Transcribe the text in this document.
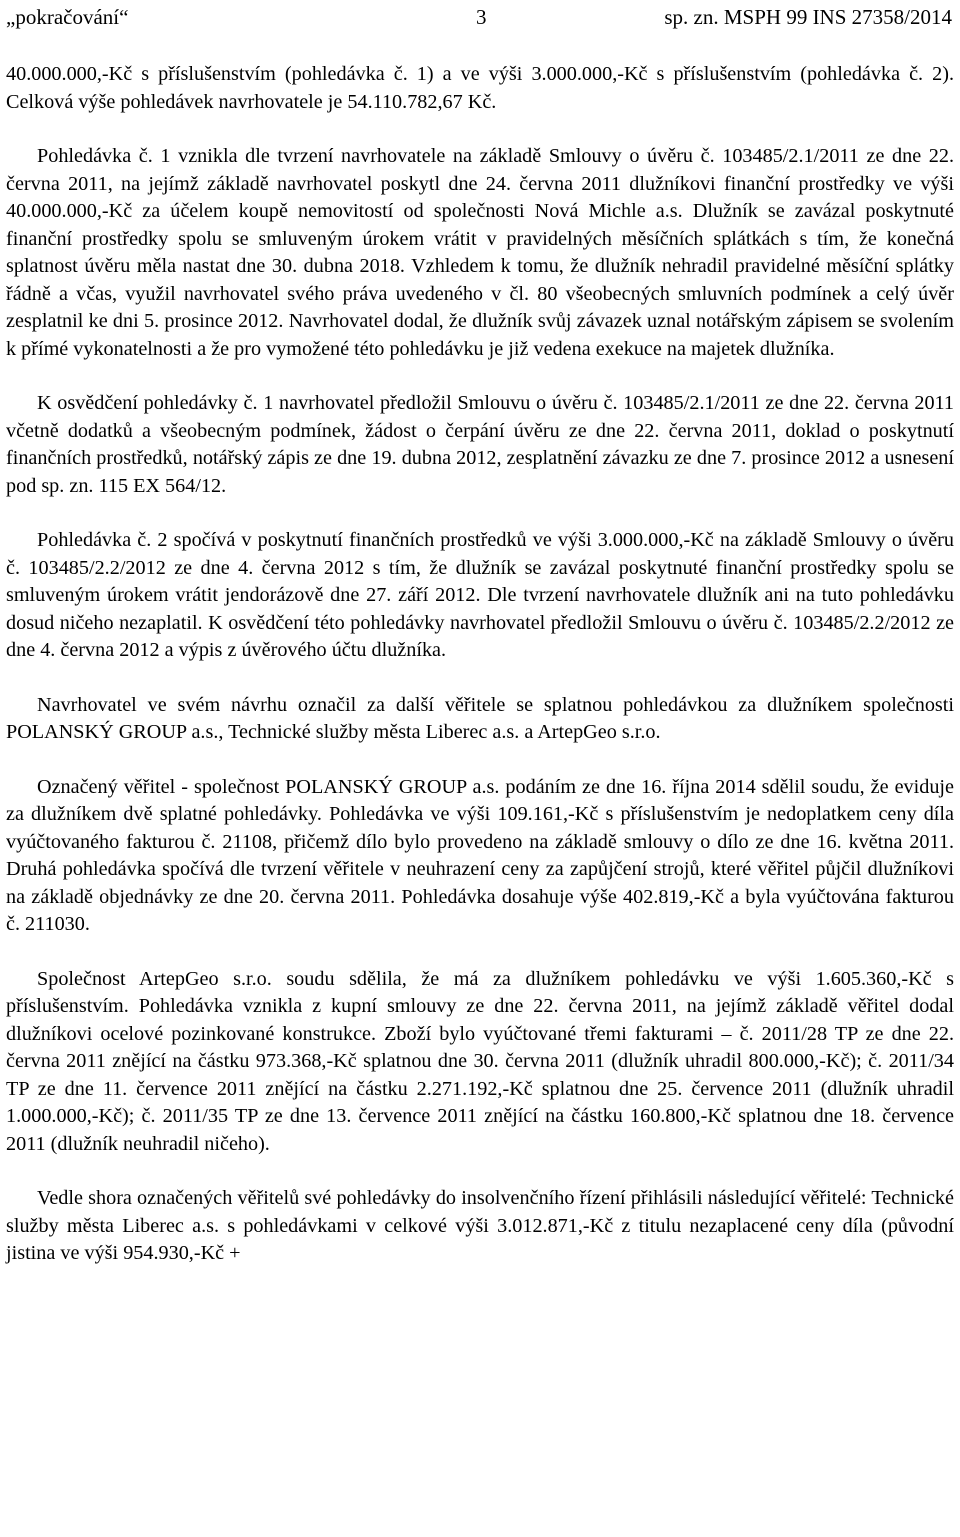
„pokračování“	3	sp. zn. MSPH 99 INS 27358/2014

40.000.000,-Kč s příslušenstvím (pohledávka č. 1) a ve výši 3.000.000,-Kč s příslušenstvím (pohledávka č. 2). Celková výše pohledávek navrhovatele je 54.110.782,67 Kč.

Pohledávka č. 1 vznikla dle tvrzení navrhovatele na základě Smlouvy o úvěru č. 103485/2.1/2011 ze dne 22. června 2011, na jejímž základě navrhovatel poskytl dne 24. června 2011 dlužníkovi finanční prostředky ve výši 40.000.000,-Kč za účelem koupě nemovitostí od společnosti Nová Michle a.s. Dlužník se zavázal poskytnuté finanční prostředky spolu se smluveným úrokem vrátit v pravidelných měsíčních splátkách s tím, že konečná splatnost úvěru měla nastat dne 30. dubna 2018. Vzhledem k tomu, že dlužník nehradil pravidelné měsíční splátky řádně a včas, využil navrhovatel svého práva uvedeného v čl. 80 všeobecných smluvních podmínek a celý úvěr zesplatnil ke dni 5. prosince 2012. Navrhovatel dodal, že dlužník svůj závazek uznal notářským zápisem se svolením k přímé vykonatelnosti a že pro vymožené této pohledávku je již vedena exekuce na majetek dlužníka.

K osvědčení pohledávky č. 1 navrhovatel předložil Smlouvu o úvěru č. 103485/2.1/2011 ze dne 22. června 2011 včetně dodatků a všeobecným podmínek, žádost o čerpání úvěru ze dne 22. června 2011, doklad o poskytnutí finančních prostředků, notářský zápis ze dne 19. dubna 2012, zesplatnění závazku ze dne 7. prosince 2012 a usnesení pod sp. zn. 115 EX 564/12.

Pohledávka č. 2 spočívá v poskytnutí finančních prostředků ve výši 3.000.000,-Kč na základě Smlouvy o úvěru č. 103485/2.2/2012 ze dne 4. června 2012 s tím, že dlužník se zavázal poskytnuté finanční prostředky spolu se smluveným úrokem vrátit jendorázově dne 27. září 2012. Dle tvrzení navrhovatele dlužník ani na tuto pohledávku dosud ničeho nezaplatil. K osvědčení této pohledávky navrhovatel předložil Smlouvu o úvěru č. 103485/2.2/2012 ze dne 4. června 2012 a výpis z úvěrového účtu dlužníka.

Navrhovatel ve svém návrhu označil za další věřitele se splatnou pohledávkou za dlužníkem společnosti POLANSKÝ GROUP a.s., Technické služby města Liberec a.s. a ArtepGeo s.r.o.

Označený věřitel - společnost POLANSKÝ GROUP a.s. podáním ze dne 16. října 2014 sdělil soudu, že eviduje za dlužníkem dvě splatné pohledávky. Pohledávka ve výši 109.161,-Kč s příslušenstvím je nedoplatkem ceny díla vyúčtovaného fakturou č. 21108, přičemž dílo bylo provedeno na základě smlouvy o dílo ze dne 16. května 2011. Druhá pohledávka spočívá dle tvrzení věřitele v neuhrazení ceny za zapůjčení strojů, které věřitel půjčil dlužníkovi na základě objednávky ze dne 20. června 2011. Pohledávka dosahuje výše 402.819,-Kč a byla vyúčtována fakturou č. 211030.

Společnost ArtepGeo s.r.o. soudu sdělila, že má za dlužníkem pohledávku ve výši 1.605.360,-Kč s příslušenstvím. Pohledávka vznikla z kupní smlouvy ze dne 22. června 2011, na jejímž základě věřitel dodal dlužníkovi ocelové pozinkované konstrukce. Zboží bylo vyúčtované třemi fakturami – č. 2011/28 TP ze dne 22. června 2011 znějící na částku 973.368,-Kč splatnou dne 30. června 2011 (dlužník uhradil 800.000,-Kč); č. 2011/34 TP ze dne 11. července 2011 znějící na částku 2.271.192,-Kč splatnou dne 25. července 2011 (dlužník uhradil 1.000.000,-Kč); č. 2011/35 TP ze dne 13. července 2011 znějící na částku 160.800,-Kč splatnou dne 18. července 2011 (dlužník neuhradil ničeho).

Vedle shora označených věřitelů své pohledávky do insolvenčního řízení přihlásili následující věřitelé: Technické služby města Liberec a.s. s pohledávkami v celkové výši 3.012.871,-Kč z titulu nezaplacené ceny díla (původní jistina ve výši 954.930,-Kč +
